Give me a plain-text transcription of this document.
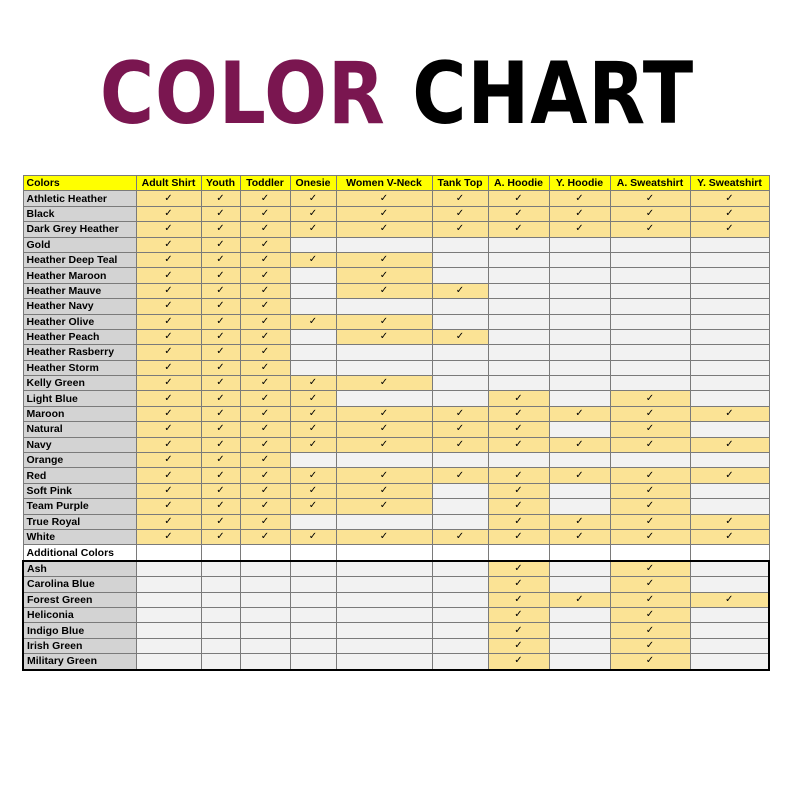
COLOR CHART
Colors	Adult Shirt	Youth	Toddler	Onesie	Women V-Neck	Tank Top	A. Hoodie	Y. Hoodie	A. Sweatshirt	Y. Sweatshirt
Athletic Heather	✓	✓	✓	✓	✓	✓	✓	✓	✓	✓
Black	✓	✓	✓	✓	✓	✓	✓	✓	✓	✓
Dark Grey Heather	✓	✓	✓	✓	✓	✓	✓	✓	✓	✓
Gold	✓	✓	✓							
Heather Deep Teal	✓	✓	✓	✓	✓					
Heather Maroon	✓	✓	✓		✓					
Heather Mauve	✓	✓	✓		✓	✓				
Heather Navy	✓	✓	✓							
Heather Olive	✓	✓	✓	✓	✓					
Heather Peach	✓	✓	✓		✓	✓				
Heather Rasberry	✓	✓	✓							
Heather Storm	✓	✓	✓							
Kelly Green	✓	✓	✓	✓	✓					
Light Blue	✓	✓	✓	✓			✓		✓	
Maroon	✓	✓	✓	✓	✓	✓	✓	✓	✓	✓
Natural	✓	✓	✓	✓	✓	✓	✓		✓	
Navy	✓	✓	✓	✓	✓	✓	✓	✓	✓	✓
Orange	✓	✓	✓							
Red	✓	✓	✓	✓	✓	✓	✓	✓	✓	✓
Soft Pink	✓	✓	✓	✓	✓		✓		✓	
Team Purple	✓	✓	✓	✓	✓		✓		✓	
True Royal	✓	✓	✓				✓	✓	✓	✓
White	✓	✓	✓	✓	✓	✓	✓	✓	✓	✓
Additional Colors										
Ash							✓		✓	
Carolina Blue							✓		✓	
Forest Green							✓	✓	✓	✓
Heliconia							✓		✓	
Indigo Blue							✓		✓	
Irish Green							✓		✓	
Military Green							✓		✓	
